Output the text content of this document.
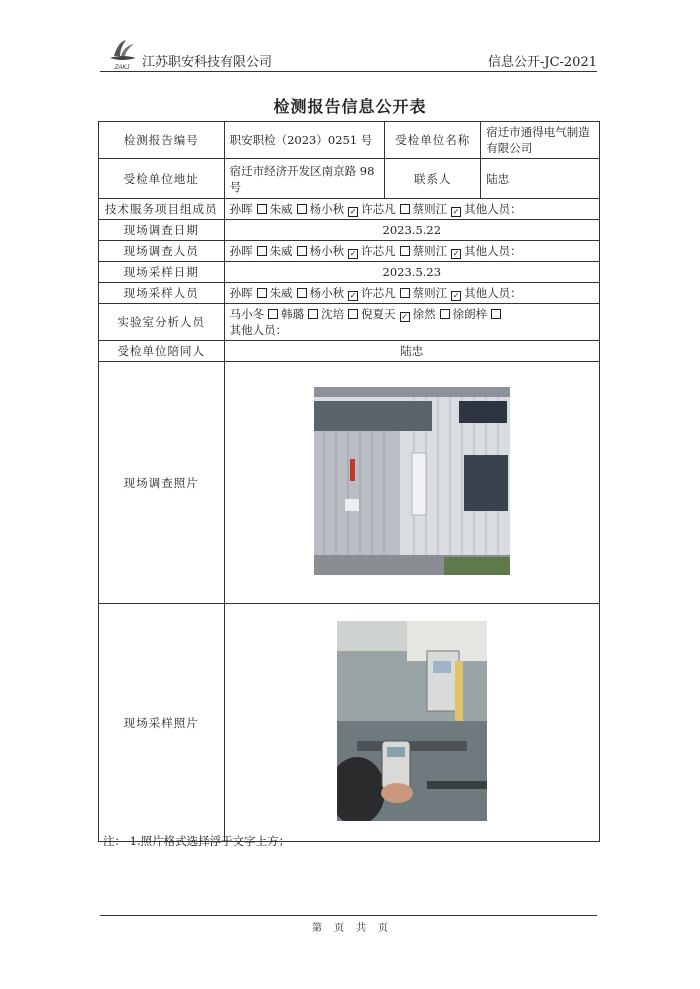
ZAKJ 江苏职安科技有限公司	信息公开-JC-2021
检测报告信息公开表
检测报告编号	职安职检（2023）0251 号	受检单位名称	宿迁市通得电气制造有限公司
受检单位地址	宿迁市经济开发区南京路 98 号	联系人	陆忠
技术服务项目组成员	孙晖 朱威 杨小秋 ✓ 许芯凡 蔡则江 ✓ 其他人员：		
现场调查日期	2023.5.22		
现场调查人员	孙晖 朱威 杨小秋 ✓ 许芯凡 蔡则江 ✓ 其他人员：		
现场采样日期	2023.5.23		
现场采样人员	孙晖 朱威 杨小秋 ✓ 许芯凡 蔡则江 ✓ 其他人员：		
实验室分析人员	马小冬 韩璐 沈培 倪夏天 ✓ 徐然 徐朗梓
其他人员：		

受检单位陪同人	陆忠		
现场调查照片	
现场采样照片	
注： 1.照片格式选择浮于文字上方；
第 页 共 页
